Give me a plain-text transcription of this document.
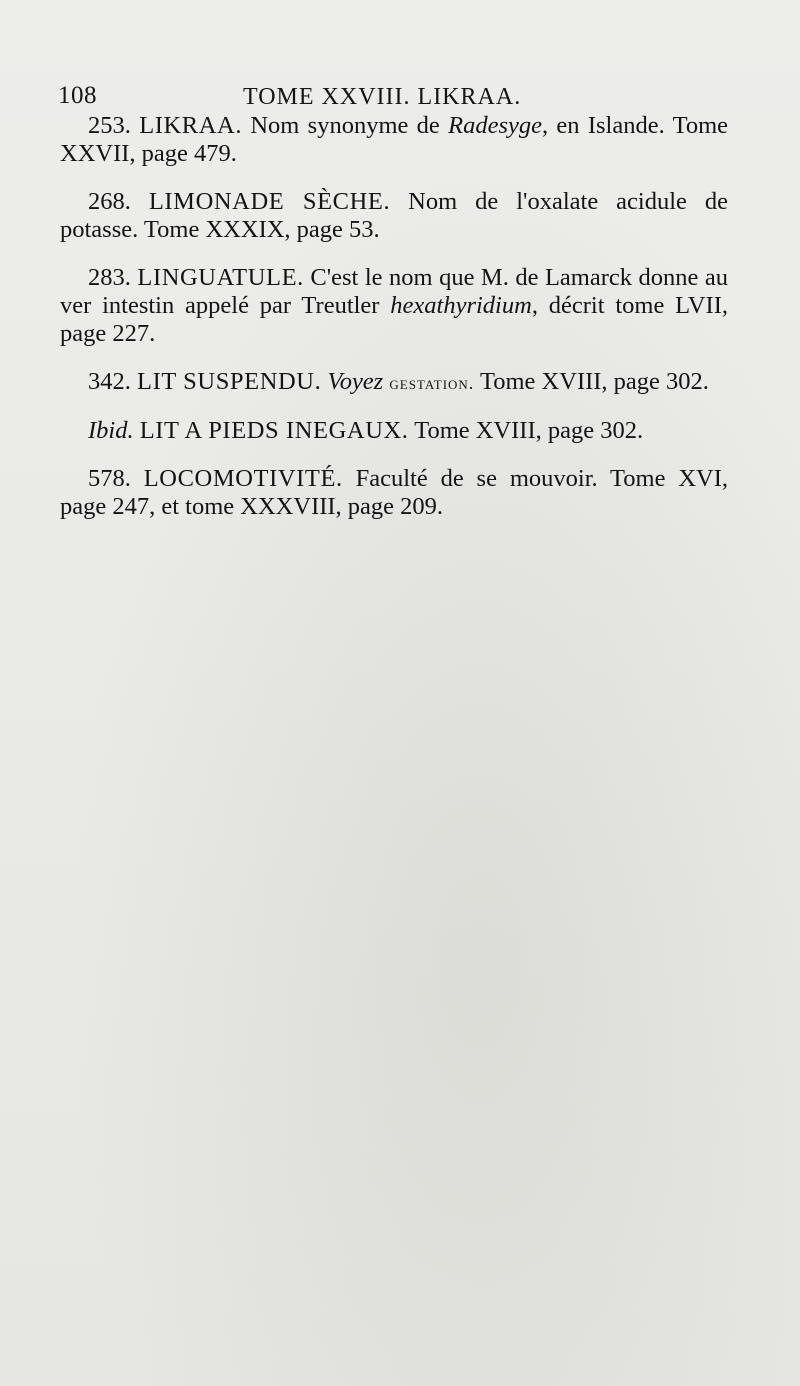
108	TOME XXVIII. LIKRAA.

253. LIKRAA. Nom synonyme de Radesyge, en Islande. Tome XXVII, page 479.

268. LIMONADE SÈCHE. Nom de l'oxalate acidule de potasse. Tome XXXIX, page 53.

283. LINGUATULE. C'est le nom que M. de Lamarck donne au ver intestin appelé par Treutler hexathyridium, décrit tome LVII, page 227.

342. LIT SUSPENDU. Voyez gestation. Tome XVIII, page 302.

Ibid. LIT A PIEDS INEGAUX. Tome XVIII, page 302.

578. LOCOMOTIVITÉ. Faculté de se mouvoir. Tome XVI, page 247, et tome XXXVIII, page 209.
